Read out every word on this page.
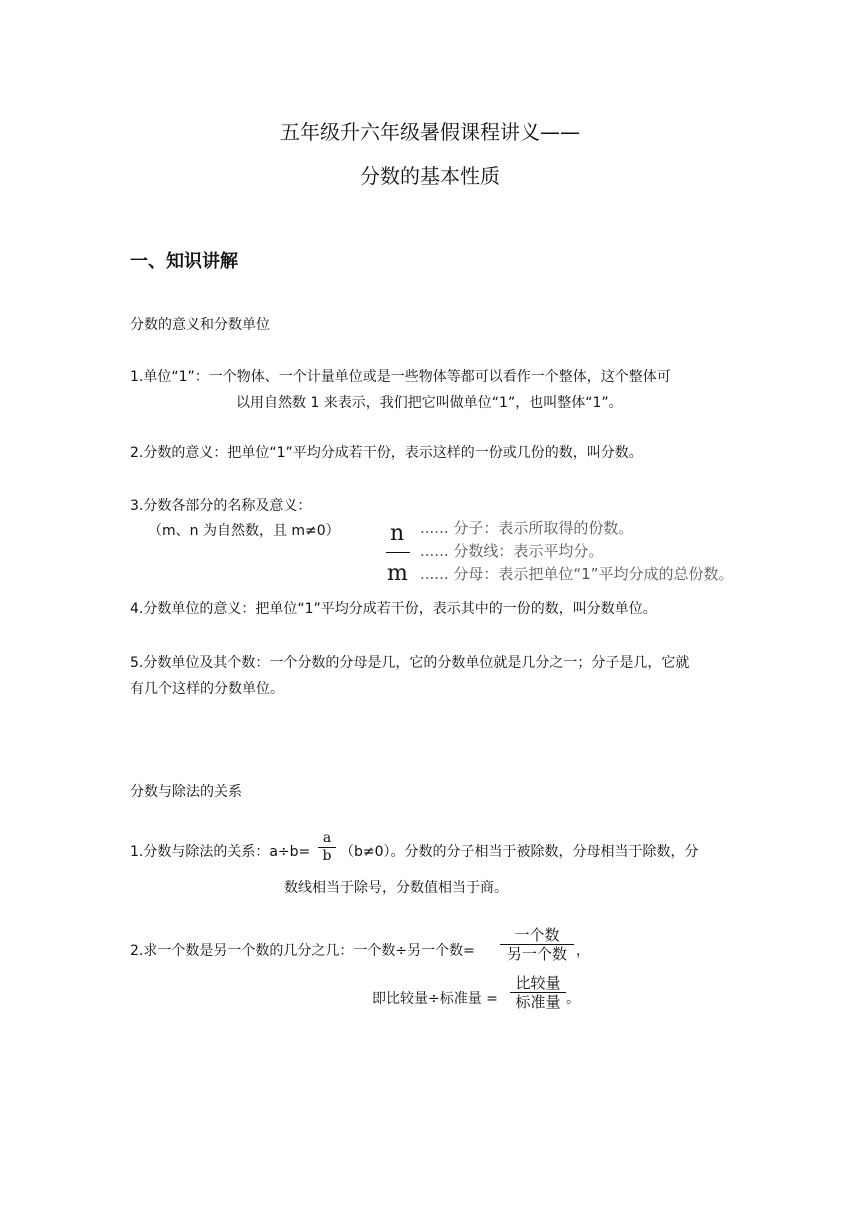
五年级升六年级暑假课程讲义——
分数的基本性质
一、知识讲解
分数的意义和分数单位
1.单位“1”：一个物体、一个计量单位或是一些物体等都可以看作一个整体，这个整体可
以用自然数 1 来表示，我们把它叫做单位“1”，也叫整体“1”。
2.分数的意义：把单位“1”平均分成若干份，表示这样的一份或几份的数，叫分数。
3.分数各部分的名称及意义：
（m、n 为自然数，且 m≠0） n
m
...... 分子：表示所取得的份数。
...... 分数线：表示平均分。
...... 分母：表示把单位“1”平均分成的总份数。
4.分数单位的意义：把单位“1”平均分成若干份，表示其中的一份的数，叫分数单位。
5.分数单位及其个数：一个分数的分母是几，它的分数单位就是几分之一；分子是几，它就
有几个这样的分数单位。
分数与除法的关系
1.分数与除法的关系：a÷b=
a
b （b≠0）。分数的分子相当于被除数，分母相当于除数，分
数线相当于除号，分数值相当于商。
2.求一个数是另一个数的几分之几：一个数÷另一个数=
一个数
另一个数 ，
即比较量÷标准量 =
比较量
标准量 。
